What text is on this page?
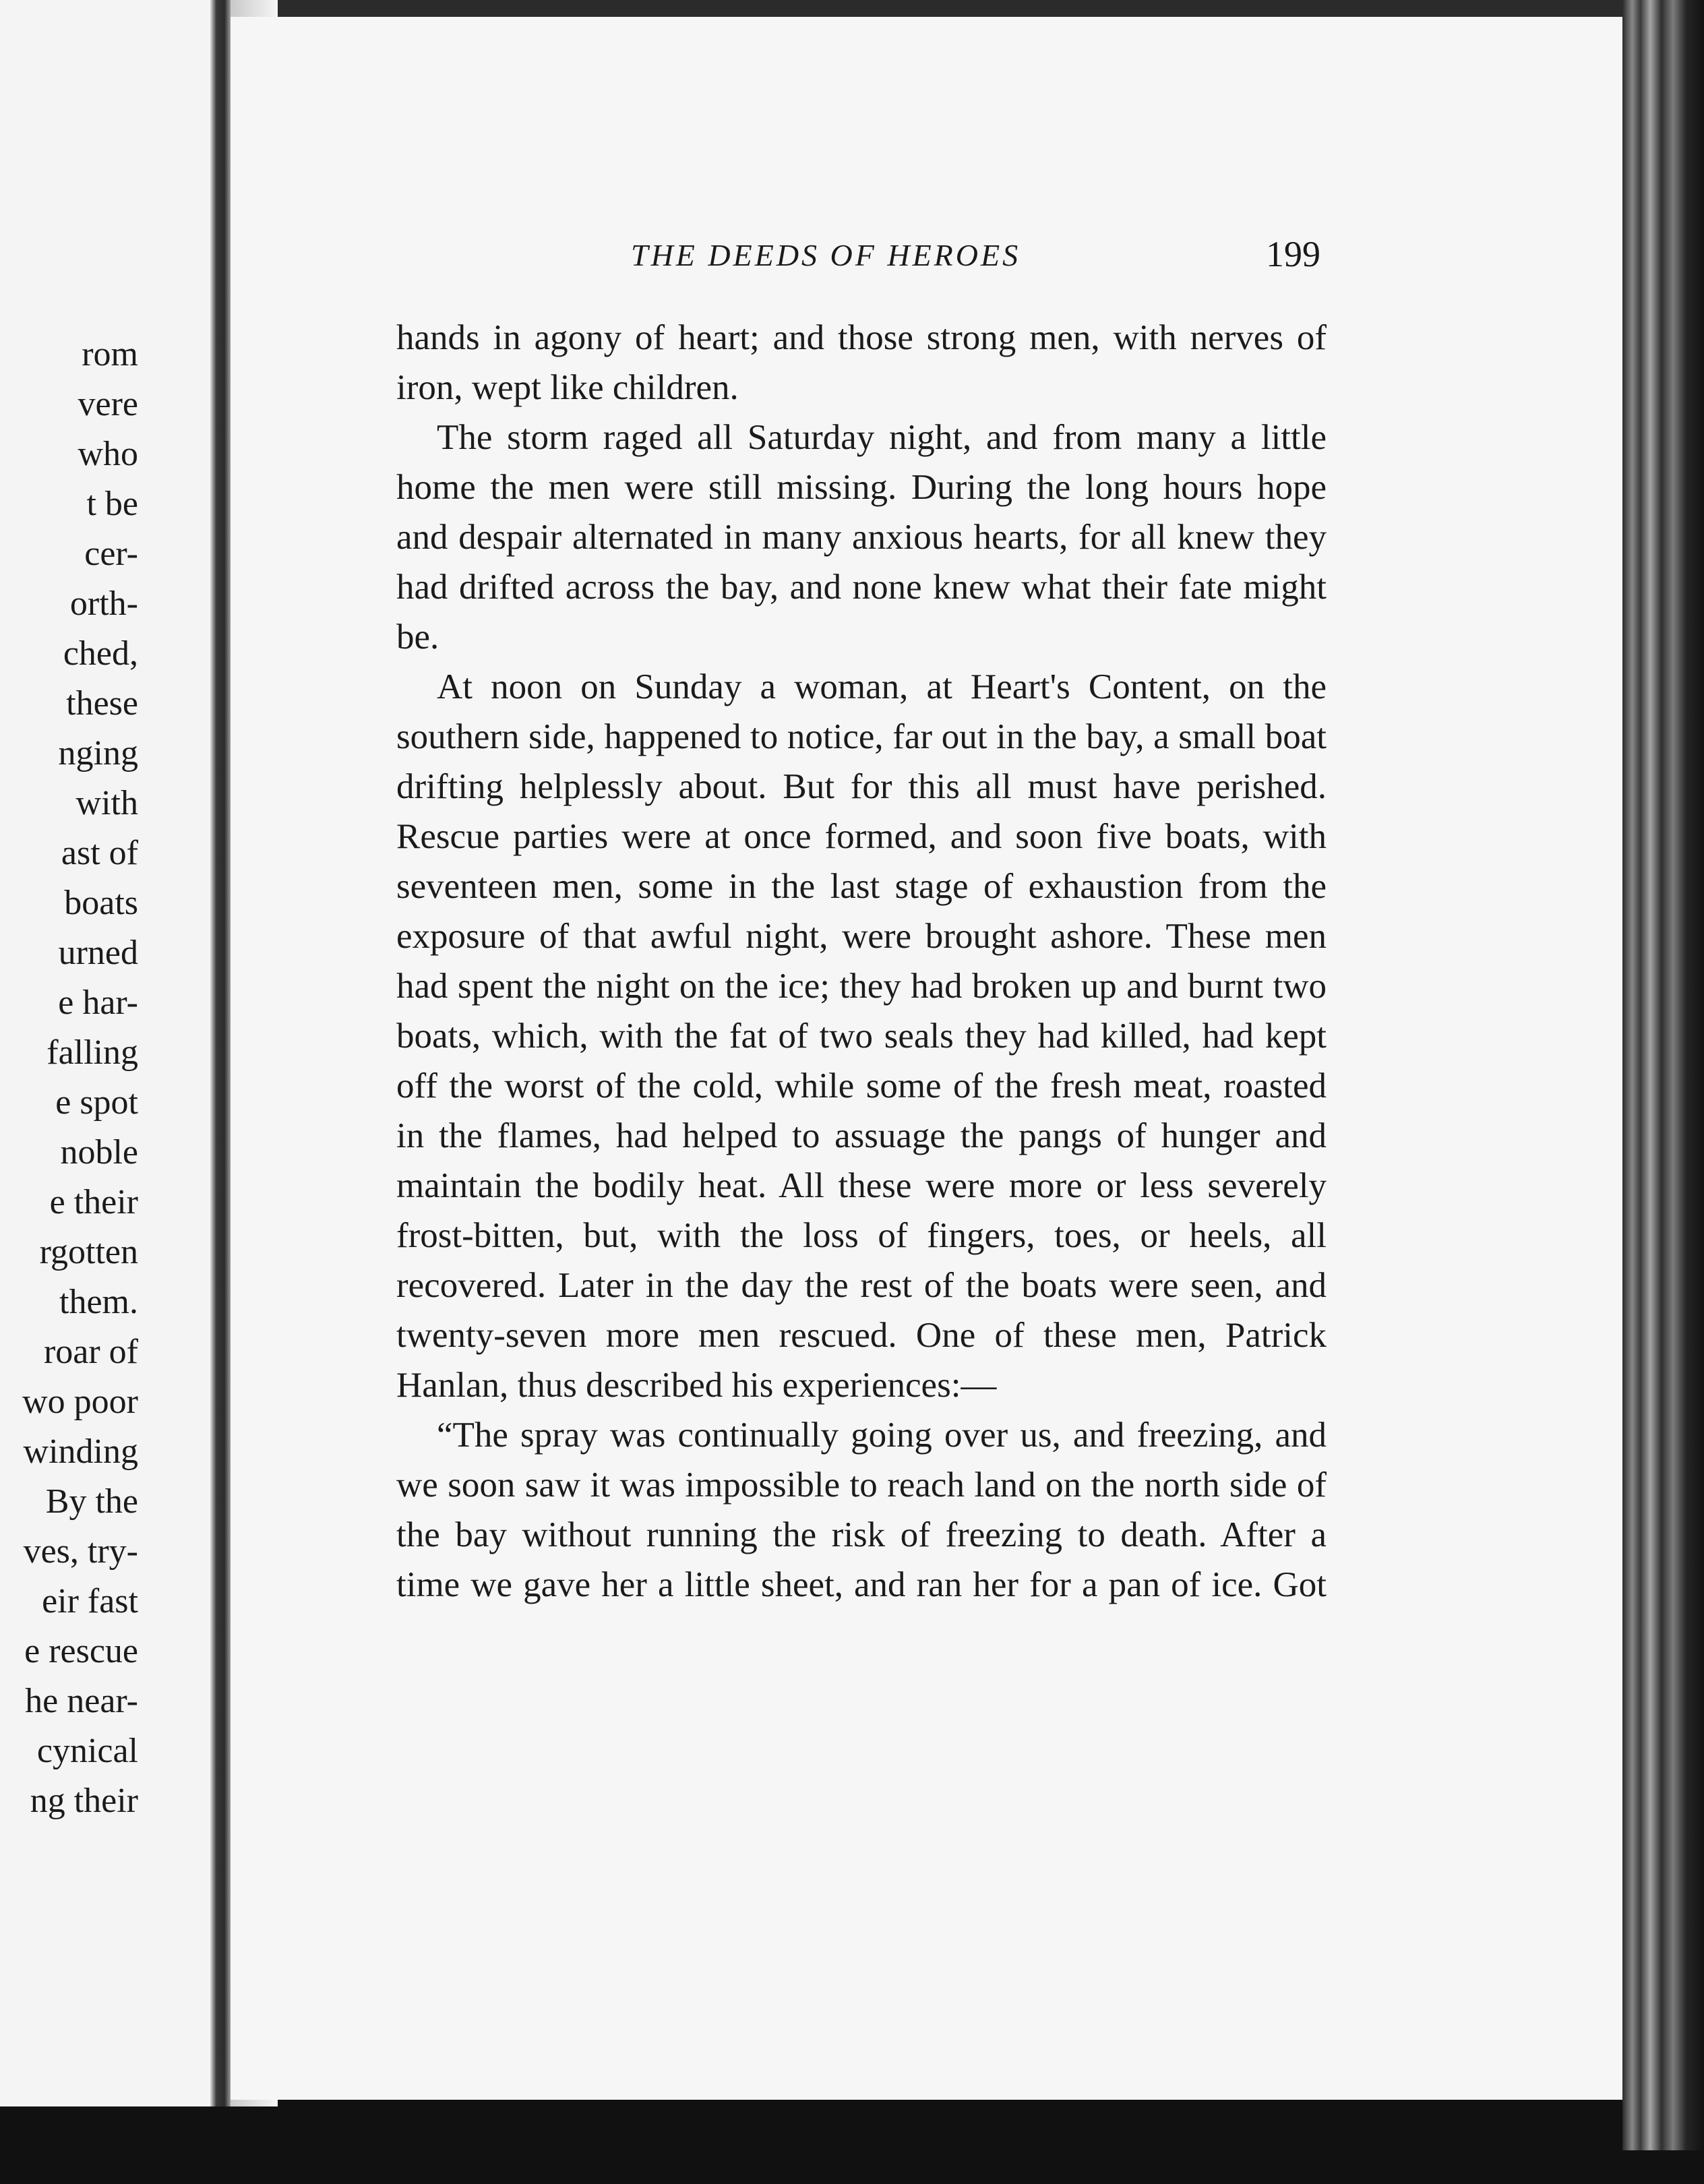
rom
vere
who
t be
cer-
orth-
ched,
these
nging
with
ast of
boats
urned
e har-
falling
e spot
noble
e their
rgotten
them.
roar of
wo poor
winding
By the
ves, try-
eir fast
e rescue
he near-
cynical
ng their
THE DEEDS OF HEROES	199

hands in agony of heart; and those strong men, with nerves of iron, wept like children.

The storm raged all Saturday night, and from many a little home the men were still missing. During the long hours hope and despair alternated in many anxious hearts, for all knew they had drifted across the bay, and none knew what their fate might be.

At noon on Sunday a woman, at Heart's Content, on the southern side, happened to notice, far out in the bay, a small boat drifting helplessly about. But for this all must have perished. Rescue parties were at once formed, and soon five boats, with seventeen men, some in the last stage of exhaustion from the exposure of that awful night, were brought ashore. These men had spent the night on the ice; they had broken up and burnt two boats, which, with the fat of two seals they had killed, had kept off the worst of the cold, while some of the fresh meat, roasted in the flames, had helped to assuage the pangs of hunger and maintain the bodily heat. All these were more or less severely frost-bitten, but, with the loss of fingers, toes, or heels, all recovered. Later in the day the rest of the boats were seen, and twenty-seven more men rescued. One of these men, Patrick Hanlan, thus described his experiences:—

“The spray was continually going over us, and freezing, and we soon saw it was impossible to reach land on the north side of the bay without running the risk of freezing to death. After a time we gave her a little sheet, and ran her for a pan of ice. Got
